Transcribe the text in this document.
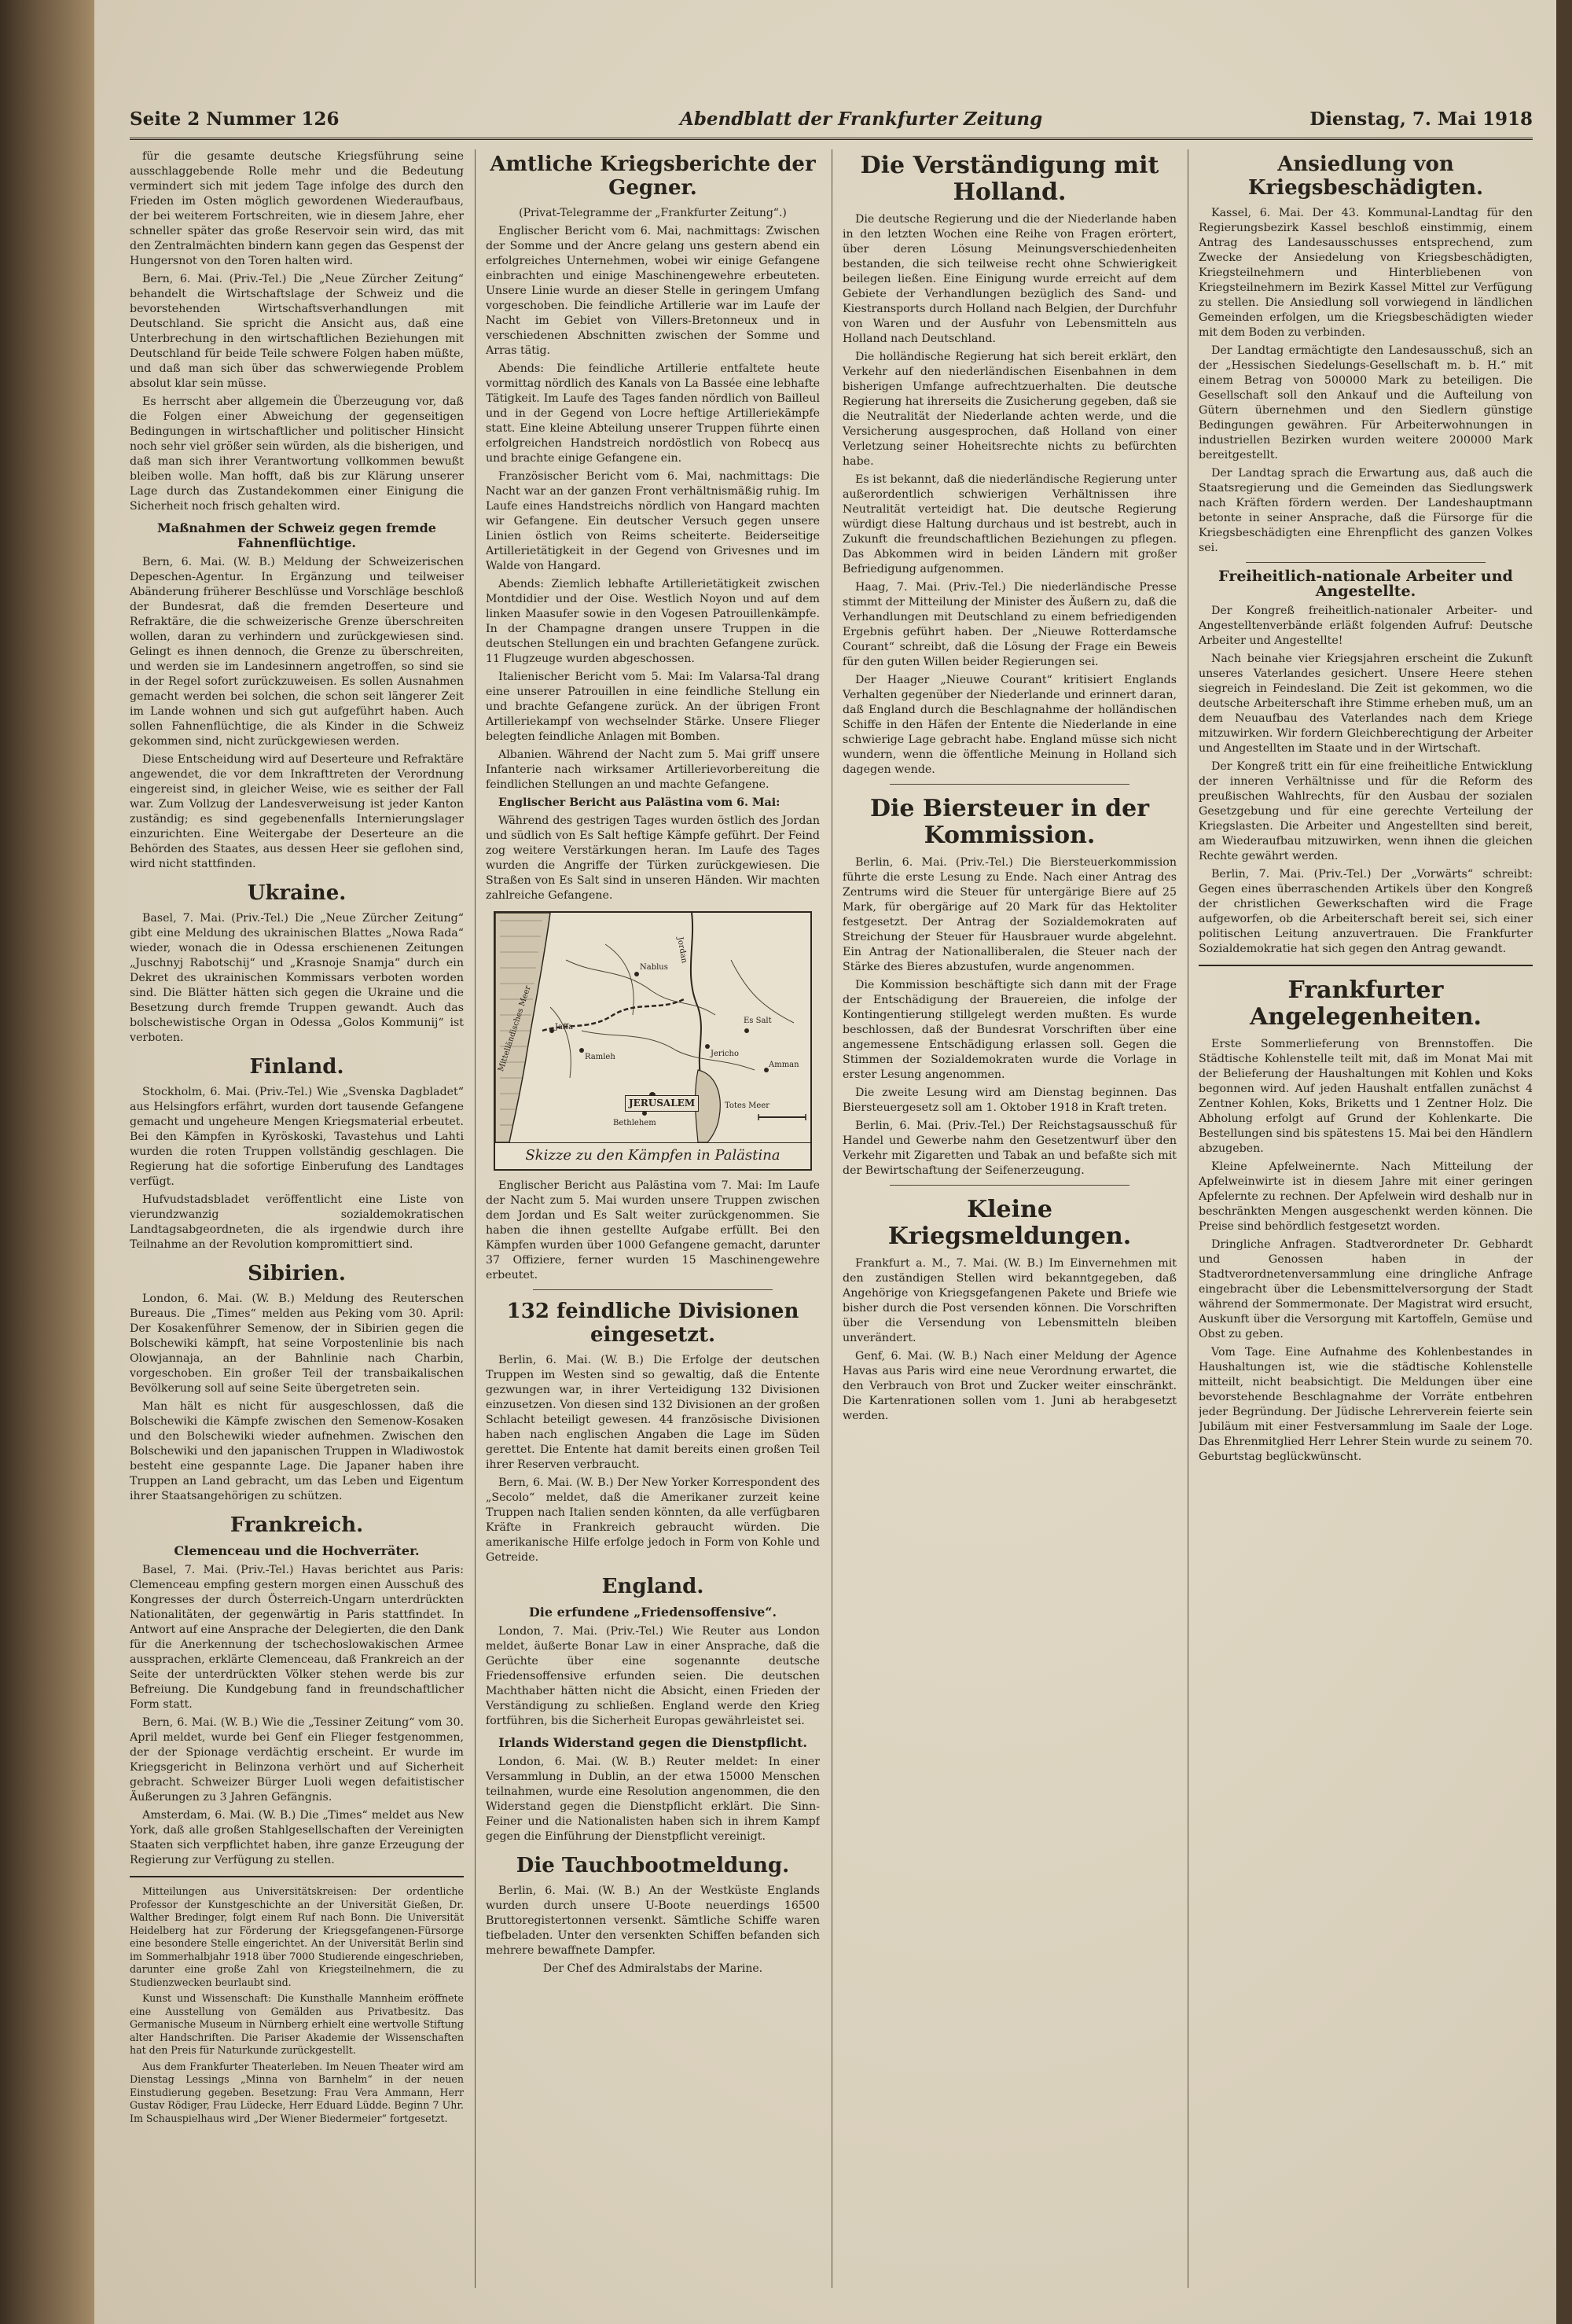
Seite 2 Nummer 126	Abendblatt der Frankfurter Zeitung	Dienstag, 7. Mai 1918

für die gesamte deutsche Kriegsführung seine ausschlaggebende Rolle mehr und die Bedeutung vermindert sich mit jedem Tage infolge des durch den Frieden im Osten möglich gewordenen Wiederaufbaus, der bei weiterem Fortschreiten, wie in diesem Jahre, eher schneller später das große Reservoir sein wird, das mit den Zentralmächten bindern kann gegen das Gespenst der Hungersnot von den Toren halten wird.

Bern, 6. Mai. (Priv.-Tel.) Die „Neue Zürcher Zeitung“ behandelt die Wirtschaftslage der Schweiz und die bevorstehenden Wirtschaftsverhandlungen mit Deutschland. Sie spricht die Ansicht aus, daß eine Unterbrechung in den wirtschaftlichen Beziehungen mit Deutschland für beide Teile schwere Folgen haben müßte, und daß man sich über das schwerwiegende Problem absolut klar sein müsse.

Es herrscht aber allgemein die Überzeugung vor, daß die Folgen einer Abweichung der gegenseitigen Bedingungen in wirtschaftlicher und politischer Hinsicht noch sehr viel größer sein würden, als die bisherigen, und daß man sich ihrer Verantwortung vollkommen bewußt bleiben wolle. Man hofft, daß bis zur Klärung unserer Lage durch das Zustandekommen einer Einigung die Sicherheit noch frisch gehalten wird.

Maßnahmen der Schweiz gegen fremde Fahnenflüchtige.

Bern, 6. Mai. (W. B.) Meldung der Schweizerischen Depeschen-Agentur. In Ergänzung und teilweiser Abänderung früherer Beschlüsse und Vorschläge beschloß der Bundesrat, daß die fremden Deserteure und Refraktäre, die die schweizerische Grenze überschreiten wollen, daran zu verhindern und zurückgewiesen sind. Gelingt es ihnen dennoch, die Grenze zu überschreiten, und werden sie im Landesinnern angetroffen, so sind sie in der Regel sofort zurückzuweisen. Es sollen Ausnahmen gemacht werden bei solchen, die schon seit längerer Zeit im Lande wohnen und sich gut aufgeführt haben. Auch sollen Fahnenflüchtige, die als Kinder in die Schweiz gekommen sind, nicht zurückgewiesen werden.

Diese Entscheidung wird auf Deserteure und Refraktäre angewendet, die vor dem Inkrafttreten der Verordnung eingereist sind, in gleicher Weise, wie es seither der Fall war. Zum Vollzug der Landesverweisung ist jeder Kanton zuständig; es sind gegebenenfalls Internierungslager einzurichten. Eine Weitergabe der Deserteure an die Behörden des Staates, aus dessen Heer sie geflohen sind, wird nicht stattfinden.

Ukraine.

Basel, 7. Mai. (Priv.-Tel.) Die „Neue Zürcher Zeitung“ gibt eine Meldung des ukrainischen Blattes „Nowa Rada“ wieder, wonach die in Odessa erschienenen Zeitungen „Juschnyj Rabotschij“ und „Krasnoje Snamja“ durch ein Dekret des ukrainischen Kommissars verboten worden sind. Die Blätter hätten sich gegen die Ukraine und die Besetzung durch fremde Truppen gewandt. Auch das bolschewistische Organ in Odessa „Golos Kommunij“ ist verboten.

Finland.

Stockholm, 6. Mai. (Priv.-Tel.) Wie „Svenska Dagbladet“ aus Helsingfors erfährt, wurden dort tausende Gefangene gemacht und ungeheure Mengen Kriegsmaterial erbeutet. Bei den Kämpfen in Kyröskoski, Tavastehus und Lahti wurden die roten Truppen vollständig geschlagen. Die Regierung hat die sofortige Einberufung des Landtages verfügt.

Hufvudstadsbladet veröffentlicht eine Liste von vierundzwanzig sozialdemokratischen Landtagsabgeordneten, die als irgendwie durch ihre Teilnahme an der Revolution kompromittiert sind.

Sibirien.

London, 6. Mai. (W. B.) Meldung des Reuterschen Bureaus. Die „Times“ melden aus Peking vom 30. April: Der Kosakenführer Semenow, der in Sibirien gegen die Bolschewiki kämpft, hat seine Vorpostenlinie bis nach Olowjannaja, an der Bahnlinie nach Charbin, vorgeschoben. Ein großer Teil der transbaikalischen Bevölkerung soll auf seine Seite übergetreten sein.

Man hält es nicht für ausgeschlossen, daß die Bolschewiki die Kämpfe zwischen den Semenow-Kosaken und den Bolschewiki wieder aufnehmen. Zwischen den Bolschewiki und den japanischen Truppen in Wladiwostok besteht eine gespannte Lage. Die Japaner haben ihre Truppen an Land gebracht, um das Leben und Eigentum ihrer Staatsangehörigen zu schützen.

Frankreich.
Clemenceau und die Hochverräter.

Basel, 7. Mai. (Priv.-Tel.) Havas berichtet aus Paris: Clemenceau empfing gestern morgen einen Ausschuß des Kongresses der durch Österreich-Ungarn unterdrückten Nationalitäten, der gegenwärtig in Paris stattfindet. In Antwort auf eine Ansprache der Delegierten, die den Dank für die Anerkennung der tschechoslowakischen Armee aussprachen, erklärte Clemenceau, daß Frankreich an der Seite der unterdrückten Völker stehen werde bis zur Befreiung. Die Kundgebung fand in freundschaftlicher Form statt.

Bern, 6. Mai. (W. B.) Wie die „Tessiner Zeitung“ vom 30. April meldet, wurde bei Genf ein Flieger festgenommen, der der Spionage verdächtig erscheint. Er wurde im Kriegsgericht in Belinzona verhört und auf Sicherheit gebracht. Schweizer Bürger Luoli wegen defaitistischer Äußerungen zu 3 Jahren Gefängnis.

Amsterdam, 6. Mai. (W. B.) Die „Times“ meldet aus New York, daß alle großen Stahlgesellschaften der Vereinigten Staaten sich verpflichtet haben, ihre ganze Erzeugung der Regierung zur Verfügung zu stellen.

Mitteilungen aus Universitätskreisen: Der ordentliche Professor der Kunstgeschichte an der Universität Gießen, Dr. Walther Bredinger, folgt einem Ruf nach Bonn. Die Universität Heidelberg hat zur Förderung der Kriegsgefangenen-Fürsorge eine besondere Stelle eingerichtet. An der Universität Berlin sind im Sommerhalbjahr 1918 über 7000 Studierende eingeschrieben, darunter eine große Zahl von Kriegsteilnehmern, die zu Studienzwecken beurlaubt sind.

Kunst und Wissenschaft: Die Kunsthalle Mannheim eröffnete eine Ausstellung von Gemälden aus Privatbesitz. Das Germanische Museum in Nürnberg erhielt eine wertvolle Stiftung alter Handschriften. Die Pariser Akademie der Wissenschaften hat den Preis für Naturkunde zurückgestellt.

Aus dem Frankfurter Theaterleben. Im Neuen Theater wird am Dienstag Lessings „Minna von Barnhelm“ in der neuen Einstudierung gegeben. Besetzung: Frau Vera Ammann, Herr Gustav Rödiger, Frau Lüdecke, Herr Eduard Lüdde. Beginn 7 Uhr. Im Schauspielhaus wird „Der Wiener Biedermeier“ fortgesetzt.

Amtliche Kriegsberichte der Gegner.
(Privat-Telegramme der „Frankfurter Zeitung“.)

Englischer Bericht vom 6. Mai, nachmittags: Zwischen der Somme und der Ancre gelang uns gestern abend ein erfolgreiches Unternehmen, wobei wir einige Gefangene einbrachten und einige Maschinengewehre erbeuteten. Unsere Linie wurde an dieser Stelle in geringem Umfang vorgeschoben. Die feindliche Artillerie war im Laufe der Nacht im Gebiet von Villers-Bretonneux und in verschiedenen Abschnitten zwischen der Somme und Arras tätig.

Abends: Die feindliche Artillerie entfaltete heute vormittag nördlich des Kanals von La Bassée eine lebhafte Tätigkeit. Im Laufe des Tages fanden nördlich von Bailleul und in der Gegend von Locre heftige Artilleriekämpfe statt. Eine kleine Abteilung unserer Truppen führte einen erfolgreichen Handstreich nordöstlich von Robecq aus und brachte einige Gefangene ein.

Französischer Bericht vom 6. Mai, nachmittags: Die Nacht war an der ganzen Front verhältnismäßig ruhig. Im Laufe eines Handstreichs nördlich von Hangard machten wir Gefangene. Ein deutscher Versuch gegen unsere Linien östlich von Reims scheiterte. Beiderseitige Artillerietätigkeit in der Gegend von Grivesnes und im Walde von Hangard.

Abends: Ziemlich lebhafte Artillerietätigkeit zwischen Montdidier und der Oise. Westlich Noyon und auf dem linken Maasufer sowie in den Vogesen Patrouillenkämpfe. In der Champagne drangen unsere Truppen in die deutschen Stellungen ein und brachten Gefangene zurück. 11 Flugzeuge wurden abgeschossen.

Italienischer Bericht vom 5. Mai: Im Valarsa-Tal drang eine unserer Patrouillen in eine feindliche Stellung ein und brachte Gefangene zurück. An der übrigen Front Artilleriekampf von wechselnder Stärke. Unsere Flieger belegten feindliche Anlagen mit Bomben.

Albanien. Während der Nacht zum 5. Mai griff unsere Infanterie nach wirksamer Artillerievorbereitung die feindlichen Stellungen an und machte Gefangene.

Englischer Bericht aus Palästina vom 6. Mai:

Während des gestrigen Tages wurden östlich des Jordan und südlich von Es Salt heftige Kämpfe geführt. Der Feind zog weitere Verstärkungen heran. Im Laufe des Tages wurden die Angriffe der Türken zurückgewiesen. Die Straßen von Es Salt sind in unseren Händen. Wir machten zahlreiche Gefangene.

Nablus
Jaffa
Jericho
Es Salt
Amman
Ramleh
Bethlehem
Mittelländisches Meer
Totes Meer
Jordan
JERUSALEM
Skizze zu den Kämpfen in Palästina

Englischer Bericht aus Palästina vom 7. Mai: Im Laufe der Nacht zum 5. Mai wurden unsere Truppen zwischen dem Jordan und Es Salt weiter zurückgenommen. Sie haben die ihnen gestellte Aufgabe erfüllt. Bei den Kämpfen wurden über 1000 Gefangene gemacht, darunter 37 Offiziere, ferner wurden 15 Maschinengewehre erbeutet.

132 feindliche Divisionen eingesetzt.

Berlin, 6. Mai. (W. B.) Die Erfolge der deutschen Truppen im Westen sind so gewaltig, daß die Entente gezwungen war, in ihrer Verteidigung 132 Divisionen einzusetzen. Von diesen sind 132 Divisionen an der großen Schlacht beteiligt gewesen. 44 französische Divisionen haben nach englischen Angaben die Lage im Süden gerettet. Die Entente hat damit bereits einen großen Teil ihrer Reserven verbraucht.

Bern, 6. Mai. (W. B.) Der New Yorker Korrespondent des „Secolo“ meldet, daß die Amerikaner zurzeit keine Truppen nach Italien senden könnten, da alle verfügbaren Kräfte in Frankreich gebraucht würden. Die amerikanische Hilfe erfolge jedoch in Form von Kohle und Getreide.

England.
Die erfundene „Friedensoffensive“.

London, 7. Mai. (Priv.-Tel.) Wie Reuter aus London meldet, äußerte Bonar Law in einer Ansprache, daß die Gerüchte über eine sogenannte deutsche Friedensoffensive erfunden seien. Die deutschen Machthaber hätten nicht die Absicht, einen Frieden der Verständigung zu schließen. England werde den Krieg fortführen, bis die Sicherheit Europas gewährleistet sei.

Irlands Widerstand gegen die Dienstpflicht.

London, 6. Mai. (W. B.) Reuter meldet: In einer Versammlung in Dublin, an der etwa 15000 Menschen teilnahmen, wurde eine Resolution angenommen, die den Widerstand gegen die Dienstpflicht erklärt. Die Sinn-Feiner und die Nationalisten haben sich in ihrem Kampf gegen die Einführung der Dienstpflicht vereinigt.

Die Tauchbootmeldung.

Berlin, 6. Mai. (W. B.) An der Westküste Englands wurden durch unsere U-Boote neuerdings 16500 Bruttoregistertonnen versenkt. Sämtliche Schiffe waren tiefbeladen. Unter den versenkten Schiffen befanden sich mehrere bewaffnete Dampfer.

Der Chef des Admiralstabs der Marine.
Die Verständigung mit Holland.

Die deutsche Regierung und die der Niederlande haben in den letzten Wochen eine Reihe von Fragen erörtert, über deren Lösung Meinungsverschiedenheiten bestanden, die sich teilweise recht ohne Schwierigkeit beilegen ließen. Eine Einigung wurde erreicht auf dem Gebiete der Verhandlungen bezüglich des Sand- und Kiestransports durch Holland nach Belgien, der Durchfuhr von Waren und der Ausfuhr von Lebensmitteln aus Holland nach Deutschland.

Die holländische Regierung hat sich bereit erklärt, den Verkehr auf den niederländischen Eisenbahnen in dem bisherigen Umfange aufrechtzuerhalten. Die deutsche Regierung hat ihrerseits die Zusicherung gegeben, daß sie die Neutralität der Niederlande achten werde, und die Versicherung ausgesprochen, daß Holland von einer Verletzung seiner Hoheitsrechte nichts zu befürchten habe.

Es ist bekannt, daß die niederländische Regierung unter außerordentlich schwierigen Verhältnissen ihre Neutralität verteidigt hat. Die deutsche Regierung würdigt diese Haltung durchaus und ist bestrebt, auch in Zukunft die freundschaftlichen Beziehungen zu pflegen. Das Abkommen wird in beiden Ländern mit großer Befriedigung aufgenommen.

Haag, 7. Mai. (Priv.-Tel.) Die niederländische Presse stimmt der Mitteilung der Minister des Äußern zu, daß die Verhandlungen mit Deutschland zu einem befriedigenden Ergebnis geführt haben. Der „Nieuwe Rotterdamsche Courant“ schreibt, daß die Lösung der Frage ein Beweis für den guten Willen beider Regierungen sei.

Der Haager „Nieuwe Courant“ kritisiert Englands Verhalten gegenüber der Niederlande und erinnert daran, daß England durch die Beschlagnahme der holländischen Schiffe in den Häfen der Entente die Niederlande in eine schwierige Lage gebracht habe. England müsse sich nicht wundern, wenn die öffentliche Meinung in Holland sich dagegen wende.

Die Biersteuer in der Kommission.

Berlin, 6. Mai. (Priv.-Tel.) Die Biersteuerkommission führte die erste Lesung zu Ende. Nach einer Antrag des Zentrums wird die Steuer für untergärige Biere auf 25 Mark, für obergärige auf 20 Mark für das Hektoliter festgesetzt. Der Antrag der Sozialdemokraten auf Streichung der Steuer für Hausbrauer wurde abgelehnt. Ein Antrag der Nationalliberalen, die Steuer nach der Stärke des Bieres abzustufen, wurde angenommen.

Die Kommission beschäftigte sich dann mit der Frage der Entschädigung der Brauereien, die infolge der Kontingentierung stillgelegt werden mußten. Es wurde beschlossen, daß der Bundesrat Vorschriften über eine angemessene Entschädigung erlassen soll. Gegen die Stimmen der Sozialdemokraten wurde die Vorlage in erster Lesung angenommen.

Die zweite Lesung wird am Dienstag beginnen. Das Biersteuergesetz soll am 1. Oktober 1918 in Kraft treten.

Berlin, 6. Mai. (Priv.-Tel.) Der Reichstagsausschuß für Handel und Gewerbe nahm den Gesetzentwurf über den Verkehr mit Zigaretten und Tabak an und befaßte sich mit der Bewirtschaftung der Seifenerzeugung.

Kleine Kriegsmeldungen.

Frankfurt a. M., 7. Mai. (W. B.) Im Einvernehmen mit den zuständigen Stellen wird bekanntgegeben, daß Angehörige von Kriegsgefangenen Pakete und Briefe wie bisher durch die Post versenden können. Die Vorschriften über die Versendung von Lebensmitteln bleiben unverändert.

Genf, 6. Mai. (W. B.) Nach einer Meldung der Agence Havas aus Paris wird eine neue Verordnung erwartet, die den Verbrauch von Brot und Zucker weiter einschränkt. Die Kartenrationen sollen vom 1. Juni ab herabgesetzt werden.

Ansiedlung von Kriegsbeschädigten.

Kassel, 6. Mai. Der 43. Kommunal-Landtag für den Regierungsbezirk Kassel beschloß einstimmig, einem Antrag des Landesausschusses entsprechend, zum Zwecke der Ansiedelung von Kriegsbeschädigten, Kriegsteilnehmern und Hinterbliebenen von Kriegsteilnehmern im Bezirk Kassel Mittel zur Verfügung zu stellen. Die Ansiedlung soll vorwiegend in ländlichen Gemeinden erfolgen, um die Kriegsbeschädigten wieder mit dem Boden zu verbinden.

Der Landtag ermächtigte den Landesausschuß, sich an der „Hessischen Siedelungs-Gesellschaft m. b. H.“ mit einem Betrag von 500000 Mark zu beteiligen. Die Gesellschaft soll den Ankauf und die Aufteilung von Gütern übernehmen und den Siedlern günstige Bedingungen gewähren. Für Arbeiterwohnungen in industriellen Bezirken wurden weitere 200000 Mark bereitgestellt.

Der Landtag sprach die Erwartung aus, daß auch die Staatsregierung und die Gemeinden das Siedlungswerk nach Kräften fördern werden. Der Landeshauptmann betonte in seiner Ansprache, daß die Fürsorge für die Kriegsbeschädigten eine Ehrenpflicht des ganzen Volkes sei.

Freiheitlich-nationale Arbeiter und Angestellte.

Der Kongreß freiheitlich-nationaler Arbeiter- und Angestelltenverbände erläßt folgenden Aufruf: Deutsche Arbeiter und Angestellte!

Nach beinahe vier Kriegsjahren erscheint die Zukunft unseres Vaterlandes gesichert. Unsere Heere stehen siegreich in Feindesland. Die Zeit ist gekommen, wo die deutsche Arbeiterschaft ihre Stimme erheben muß, um an dem Neuaufbau des Vaterlandes nach dem Kriege mitzuwirken. Wir fordern Gleichberechtigung der Arbeiter und Angestellten im Staate und in der Wirtschaft.

Der Kongreß tritt ein für eine freiheitliche Entwicklung der inneren Verhältnisse und für die Reform des preußischen Wahlrechts, für den Ausbau der sozialen Gesetzgebung und für eine gerechte Verteilung der Kriegslasten. Die Arbeiter und Angestellten sind bereit, am Wiederaufbau mitzuwirken, wenn ihnen die gleichen Rechte gewährt werden.

Berlin, 7. Mai. (Priv.-Tel.) Der „Vorwärts“ schreibt: Gegen eines überraschenden Artikels über den Kongreß der christlichen Gewerkschaften wird die Frage aufgeworfen, ob die Arbeiterschaft bereit sei, sich einer politischen Leitung anzuvertrauen. Die Frankfurter Sozialdemokratie hat sich gegen den Antrag gewandt.

Frankfurter Angelegenheiten.

Erste Sommerlieferung von Brennstoffen. Die Städtische Kohlenstelle teilt mit, daß im Monat Mai mit der Belieferung der Haushaltungen mit Kohlen und Koks begonnen wird. Auf jeden Haushalt entfallen zunächst 4 Zentner Kohlen, Koks, Briketts und 1 Zentner Holz. Die Abholung erfolgt auf Grund der Kohlenkarte. Die Bestellungen sind bis spätestens 15. Mai bei den Händlern abzugeben.

Kleine Apfelweinernte. Nach Mitteilung der Apfelweinwirte ist in diesem Jahre mit einer geringen Apfelernte zu rechnen. Der Apfelwein wird deshalb nur in beschränkten Mengen ausgeschenkt werden können. Die Preise sind behördlich festgesetzt worden.

Dringliche Anfragen. Stadtverordneter Dr. Gebhardt und Genossen haben in der Stadtverordnetenversammlung eine dringliche Anfrage eingebracht über die Lebensmittelversorgung der Stadt während der Sommermonate. Der Magistrat wird ersucht, Auskunft über die Versorgung mit Kartoffeln, Gemüse und Obst zu geben.

Vom Tage. Eine Aufnahme des Kohlenbestandes in Haushaltungen ist, wie die städtische Kohlenstelle mitteilt, nicht beabsichtigt. Die Meldungen über eine bevorstehende Beschlagnahme der Vorräte entbehren jeder Begründung. Der Jüdische Lehrerverein feierte sein Jubiläum mit einer Festversammlung im Saale der Loge. Das Ehrenmitglied Herr Lehrer Stein wurde zu seinem 70. Geburtstag beglückwünscht.
